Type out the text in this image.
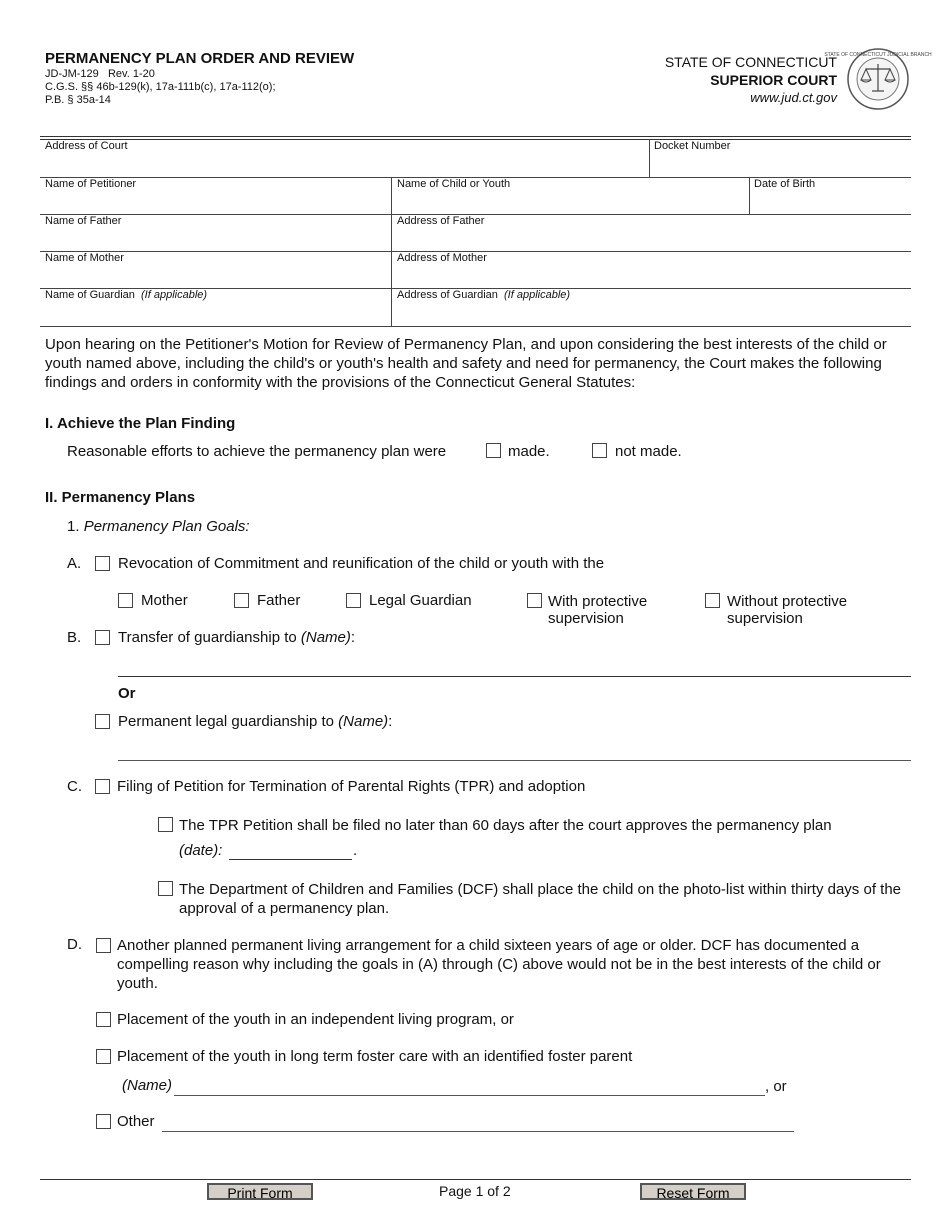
PERMANENCY PLAN ORDER AND REVIEW
JD-JM-129 Rev. 1-20
C.G.S. §§ 46b-129(k), 17a-111b(c), 17a-112(o);
P.B. § 35a-14
STATE OF CONNECTICUT
SUPERIOR COURT
www.jud.ct.gov
STATE OF CONNECTICUT JUDICIAL BRANCH
Address of Court	Docket Number
Name of Petitioner	Name of Child or Youth	Date of Birth
Name of Father	Address of Father
Name of Mother	Address of Mother
Name of Guardian (If applicable)	Address of Guardian (If applicable)
Upon hearing on the Petitioner's Motion for Review of Permanency Plan, and upon considering the best interests of the child or youth named above, including the child's or youth's health and safety and need for permanency, the Court makes the following findings and orders in conformity with the provisions of the Connecticut General Statutes:
I. Achieve the Plan Finding
Reasonable efforts to achieve the permanency plan were	made.	not made.
II. Permanency Plans
1. Permanency Plan Goals:
A. Revocation of Commitment and reunification of the child or youth with the
Mother	Father	Legal Guardian	With protective
supervision
Without protective
supervision
B. Transfer of guardianship to (Name):
Or
Permanent legal guardianship to (Name):
C. Filing of Petition for Termination of Parental Rights (TPR) and adoption
The TPR Petition shall be filed no later than 60 days after the court approves the permanency plan
(date):	.
The Department of Children and Families (DCF) shall place the child on the photo-list within thirty days of the approval of a permanency plan.
D. Another planned permanent living arrangement for a child sixteen years of age or older. DCF has documented a compelling reason why including the goals in (A) through (C) above would not be in the best interests of the child or youth.
Placement of the youth in an independent living program, or
Placement of the youth in long term foster care with an identified foster parent
(Name)	, or
Other
Print Form	Page 1 of 2	Reset Form
